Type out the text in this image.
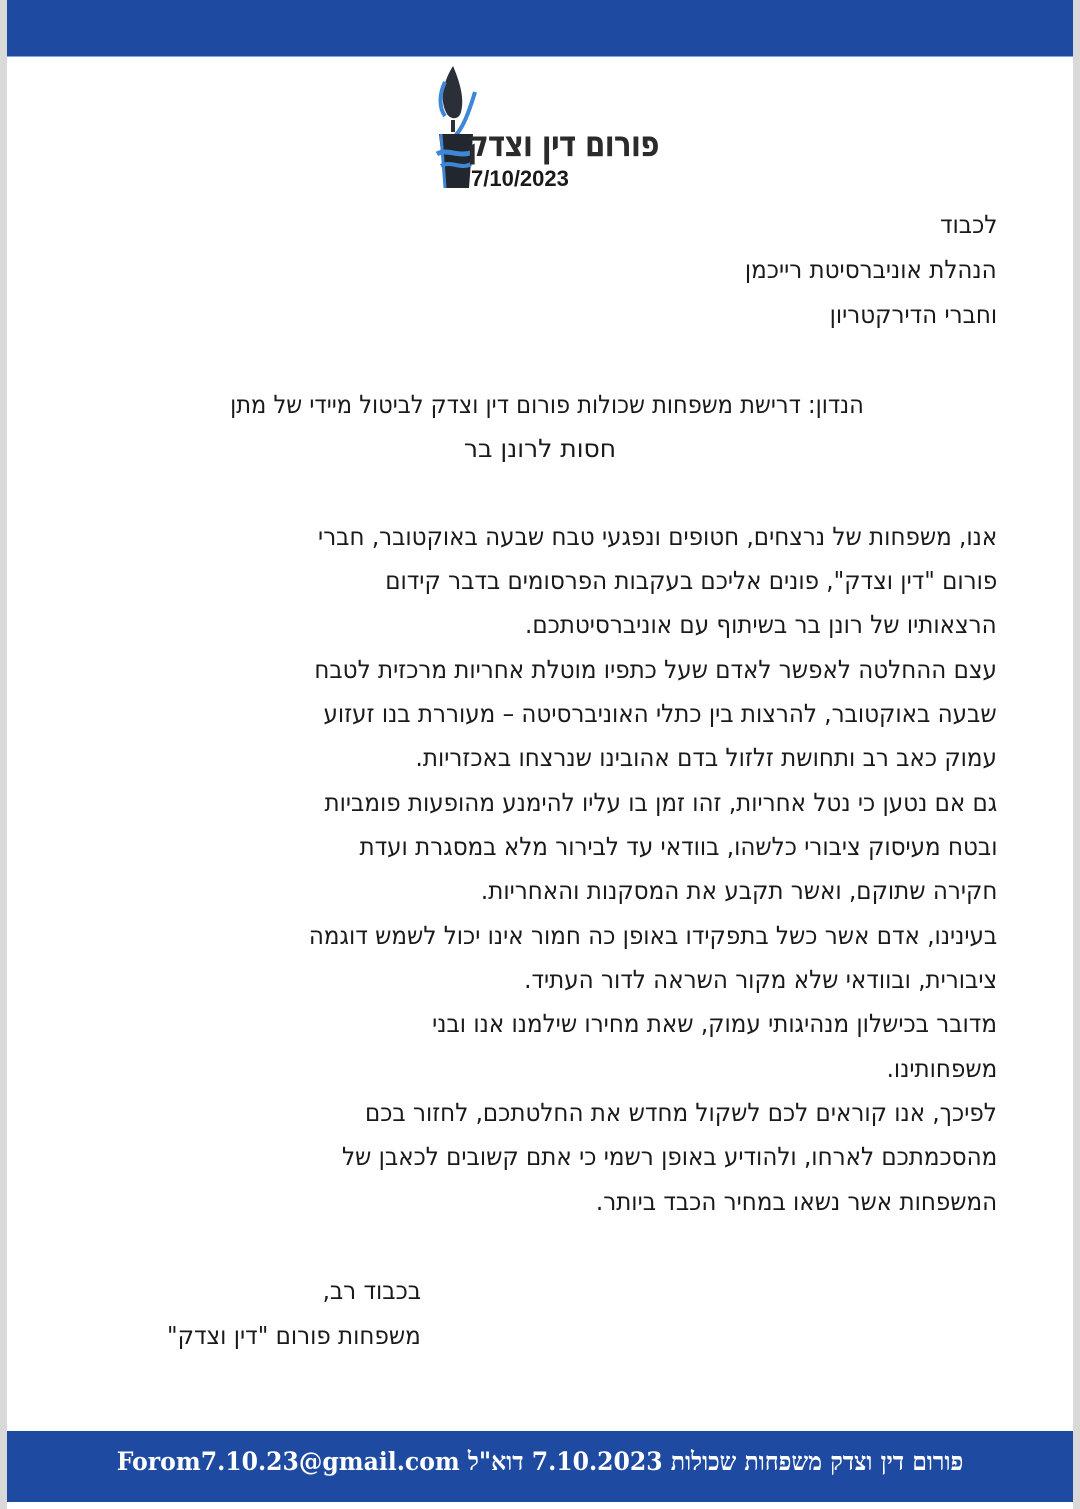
פורום דין וצדק
7/10/2023
לכבוד
הנהלת אוניברסיטת רייכמן
וחברי הדירקטריון
הנדון: דרישת משפחות שכולות פורום דין וצדק לביטול מיידי של מתן
חסות לרונן בר
אנו, משפחות של נרצחים, חטופים ונפגעי טבח שבעה באוקטובר, חברי
פורום "דין וצדק", פונים אליכם בעקבות הפרסומים בדבר קידום
הרצאותיו של רונן בר בשיתוף עם אוניברסיטתכם.
עצם ההחלטה לאפשר לאדם שעל כתפיו מוטלת אחריות מרכזית לטבח
שבעה באוקטובר, להרצות בין כתלי האוניברסיטה – מעוררת בנו זעזוע
עמוק כאב רב ותחושת זלזול בדם אהובינו שנרצחו באכזריות.
גם אם נטען כי נטל אחריות, זהו זמן בו עליו להימנע מהופעות פומביות
ובטח מעיסוק ציבורי כלשהו, בוודאי עד לבירור מלא במסגרת ועדת
חקירה שתוקם, ואשר תקבע את המסקנות והאחריות.
בעינינו, אדם אשר כשל בתפקידו באופן כה חמור אינו יכול לשמש דוגמה
ציבורית, ובוודאי שלא מקור השראה לדור העתיד.
מדובר בכישלון מנהיגותי עמוק, שאת מחירו שילמנו אנו ובני
משפחותינו.
לפיכך, אנו קוראים לכם לשקול מחדש את החלטתכם, לחזור בכם
מהסכמתכם לארחו, ולהודיע באופן רשמי כי אתם קשובים לכאבן של
המשפחות אשר נשאו במחיר הכבד ביותר.
בכבוד רב,
משפחות פורום "דין וצדק"
פורום דין וצדק משפחות שכולות 7.10.2023 דוא"ל Forom7.10.23@gmail.com
